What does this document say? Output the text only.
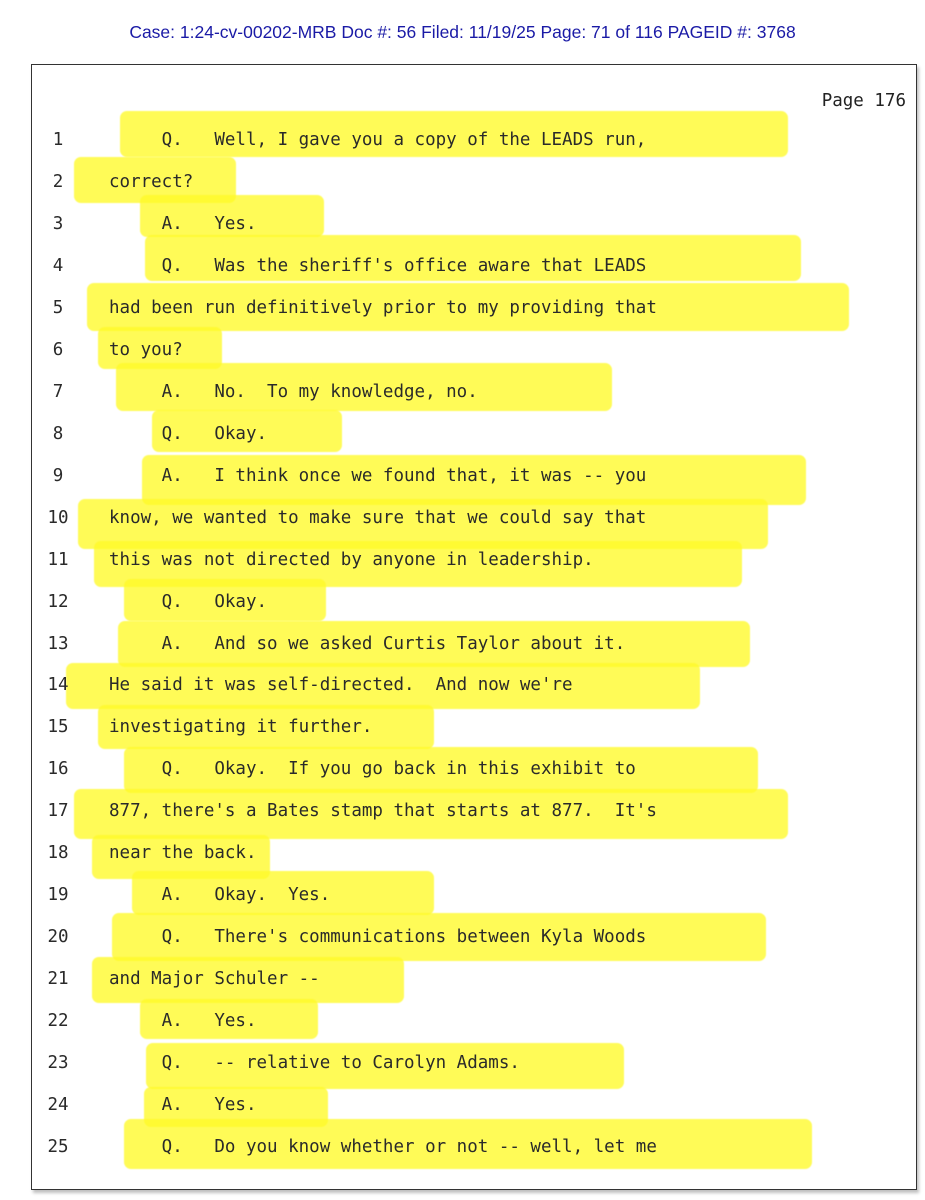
Case: 1:24-cv-00202-MRB Doc #: 56 Filed: 11/19/25 Page: 71 of 116 PAGEID #: 3768
Page 176
1	Q.   Well, I gave you a copy of the LEADS run,
2	correct?
3	A.   Yes.
4	Q.   Was the sheriff's office aware that LEADS
5	had been run definitively prior to my providing that
6	to you?
7	A.   No.  To my knowledge, no.
8	Q.   Okay.
9	A.   I think once we found that, it was -- you
10 know, we wanted to make sure that we could say that
11 this was not directed by anyone in leadership.
12 Q.   Okay.
13 A.   And so we asked Curtis Taylor about it.
14 He said it was self-directed.  And now we're
15 investigating it further.
16 Q.   Okay.  If you go back in this exhibit to
17 877, there's a Bates stamp that starts at 877.  It's
18 near the back.
19 A.   Okay.  Yes.
20 Q.   There's communications between Kyla Woods
21 and Major Schuler --
22 A.   Yes.
23 Q.   -- relative to Carolyn Adams.
24 A.   Yes.
25 Q.   Do you know whether or not -- well, let me
